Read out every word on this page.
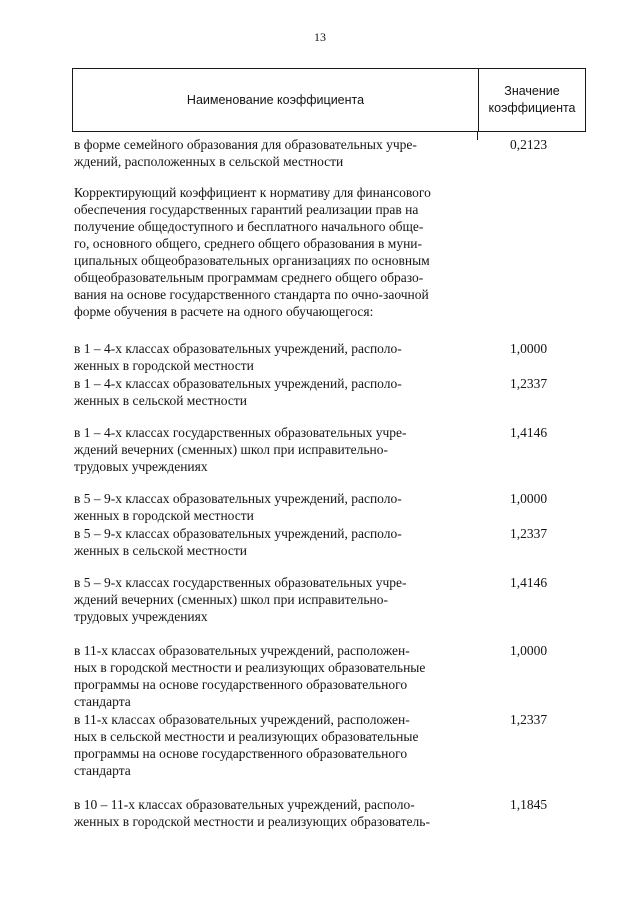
13
Наименование коэффициента
Значение
коэффициента
в форме семейного образования для образовательных учре-
ждений, расположенных в сельской местности
0,2123
Корректирующий коэффициент к нормативу для финансового
обеспечения государственных гарантий реализации прав на
получение общедоступного и бесплатного начального обще-
го, основного общего, среднего общего образования в муни-
ципальных общеобразовательных организациях по основным
общеобразовательным программам среднего общего образо-
вания на основе государственного стандарта по очно-заочной
форме обучения в расчете на одного обучающегося:
в 1 – 4-х классах образовательных учреждений, располо-
женных в городской местности
1,0000
в 1 – 4-х классах образовательных учреждений, располо-
женных в сельской местности
1,2337
в 1 – 4-х классах государственных образовательных учре-
ждений вечерних (сменных) школ при исправительно-
трудовых учреждениях
1,4146
в 5 – 9-х классах образовательных учреждений, располо-
женных в городской местности
1,0000
в 5 – 9-х классах образовательных учреждений, располо-
женных в сельской местности
1,2337
в 5 – 9-х классах государственных образовательных учре-
ждений вечерних (сменных) школ при исправительно-
трудовых учреждениях
1,4146
в 11-х классах образовательных учреждений, расположен-
ных в городской местности и реализующих образовательные
программы на основе государственного образовательного
стандарта
1,0000
в 11-х классах образовательных учреждений, расположен-
ных в сельской местности и реализующих образовательные
программы на основе государственного образовательного
стандарта
1,2337
в 10 – 11-х классах образовательных учреждений, располо-
женных в городской местности и реализующих образователь-
1,1845
